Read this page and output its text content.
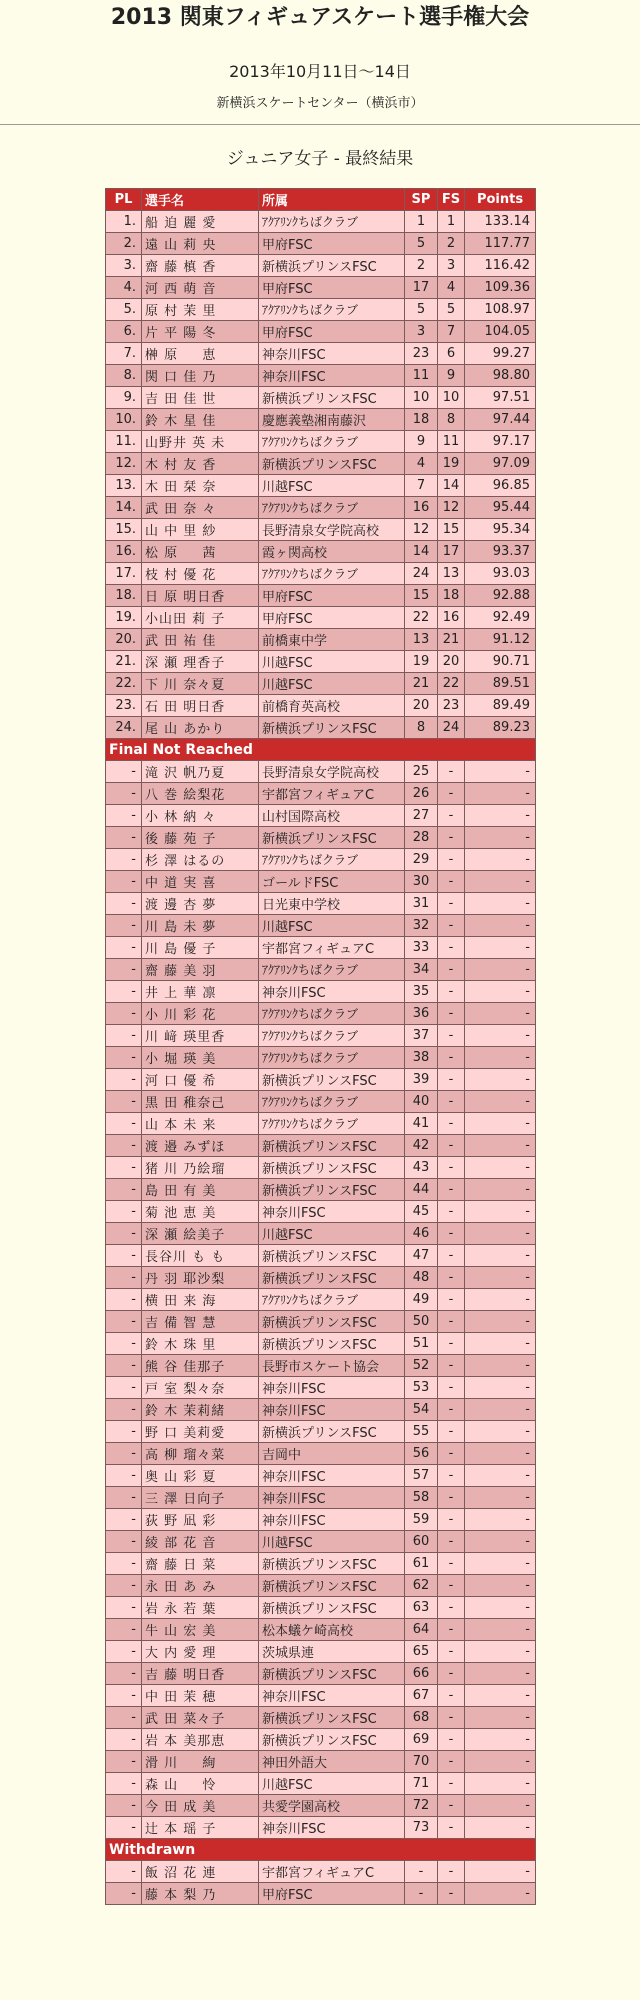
2013 関東フィギュアスケート選手権大会
2013年10月11日～14日
新横浜スケートセンター（横浜市）
ジュニア女子 - 最終結果
PL	選手名	所属	SP	FS	Points
1.	船 迫 麗 愛	ｱｸｱﾘﾝｸちばクラブ	1	1	133.14
2.	遠 山 莉 央	甲府FSC	5	2	117.77
3.	齋 藤 槙 香	新横浜プリンスFSC	2	3	116.42
4.	河 西 萌 音	甲府FSC	17	4	109.36
5.	原 村 茉 里	ｱｸｱﾘﾝｸちばクラブ	5	5	108.97
6.	片 平 陽 冬	甲府FSC	3	7	104.05
7.	榊 原 　 恵	神奈川FSC	23	6	99.27
8.	関 口 佳 乃	神奈川FSC	11	9	98.80
9.	吉 田 佳 世	新横浜プリンスFSC	10	10	97.51
10.	鈴 木 星 佳	慶應義塾湘南藤沢	18	8	97.44
11.	山野井 英 未	ｱｸｱﾘﾝｸちばクラブ	9	11	97.17
12.	木 村 友 香	新横浜プリンスFSC	4	19	97.09
13.	木 田 栞 奈	川越FSC	7	14	96.85
14.	武 田 奈 々	ｱｸｱﾘﾝｸちばクラブ	16	12	95.44
15.	山 中 里 紗	長野清泉女学院高校	12	15	95.34
16.	松 原 　 茜	霞ヶ関高校	14	17	93.37
17.	枝 村 優 花	ｱｸｱﾘﾝｸちばクラブ	24	13	93.03
18.	日 原 明日香	甲府FSC	15	18	92.88
19.	小山田 莉 子	甲府FSC	22	16	92.49
20.	武 田 祐 佳	前橋東中学	13	21	91.12
21.	深 瀬 理香子	川越FSC	19	20	90.71
22.	下 川 奈々夏	川越FSC	21	22	89.51
23.	石 田 明日香	前橋育英高校	20	23	89.49
24.	尾 山 あかり	新横浜プリンスFSC	8	24	89.23
Final Not Reached					
-	滝 沢 帆乃夏	長野清泉女学院高校	25	-	-
-	八 巻 絵梨花	宇都宮フィギュアC	26	-	-
-	小 林 納 々	山村国際高校	27	-	-
-	後 藤 苑 子	新横浜プリンスFSC	28	-	-
-	杉 澤 はるの	ｱｸｱﾘﾝｸちばクラブ	29	-	-
-	中 道 実 喜	ゴールドFSC	30	-	-
-	渡 邊 杏 夢	日光東中学校	31	-	-
-	川 島 未 夢	川越FSC	32	-	-
-	川 島 優 子	宇都宮フィギュアC	33	-	-
-	齋 藤 美 羽	ｱｸｱﾘﾝｸちばクラブ	34	-	-
-	井 上 華 凛	神奈川FSC	35	-	-
-	小 川 彩 花	ｱｸｱﾘﾝｸちばクラブ	36	-	-
-	川 﨑 瑛里香	ｱｸｱﾘﾝｸちばクラブ	37	-	-
-	小 堀 瑛 美	ｱｸｱﾘﾝｸちばクラブ	38	-	-
-	河 口 優 希	新横浜プリンスFSC	39	-	-
-	黒 田 稚奈己	ｱｸｱﾘﾝｸちばクラブ	40	-	-
-	山 本 未 来	ｱｸｱﾘﾝｸちばクラブ	41	-	-
-	渡 邉 みずほ	新横浜プリンスFSC	42	-	-
-	猪 川 乃絵瑠	新横浜プリンスFSC	43	-	-
-	島 田 有 美	新横浜プリンスFSC	44	-	-
-	菊 池 恵 美	神奈川FSC	45	-	-
-	深 瀬 絵美子	川越FSC	46	-	-
-	長谷川 も も	新横浜プリンスFSC	47	-	-
-	丹 羽 耶沙梨	新横浜プリンスFSC	48	-	-
-	横 田 来 海	ｱｸｱﾘﾝｸちばクラブ	49	-	-
-	吉 備 智 慧	新横浜プリンスFSC	50	-	-
-	鈴 木 珠 里	新横浜プリンスFSC	51	-	-
-	熊 谷 佳那子	長野市スケート協会	52	-	-
-	戸 室 梨々奈	神奈川FSC	53	-	-
-	鈴 木 茉莉緒	神奈川FSC	54	-	-
-	野 口 美莉愛	新横浜プリンスFSC	55	-	-
-	高 柳 瑠々菜	吉岡中	56	-	-
-	奥 山 彩 夏	神奈川FSC	57	-	-
-	三 澤 日向子	神奈川FSC	58	-	-
-	荻 野 凪 彩	神奈川FSC	59	-	-
-	綾 部 花 音	川越FSC	60	-	-
-	齋 藤 日 菜	新横浜プリンスFSC	61	-	-
-	永 田 あ み	新横浜プリンスFSC	62	-	-
-	岩 永 若 葉	新横浜プリンスFSC	63	-	-
-	牛 山 宏 美	松本蟻ケ崎高校	64	-	-
-	大 内 愛 理	茨城県連	65	-	-
-	吉 藤 明日香	新横浜プリンスFSC	66	-	-
-	中 田 茉 穂	神奈川FSC	67	-	-
-	武 田 菜々子	新横浜プリンスFSC	68	-	-
-	岩 本 美那恵	新横浜プリンスFSC	69	-	-
-	滑 川 　 絢	神田外語大	70	-	-
-	森 山 　 怜	川越FSC	71	-	-
-	今 田 成 美	共愛学園高校	72	-	-
-	辻 本 瑶 子	神奈川FSC	73	-	-
Withdrawn					
-	飯 沼 花 連	宇都宮フィギュアC	-	-	-
-	藤 本 梨 乃	甲府FSC	-	-	-
